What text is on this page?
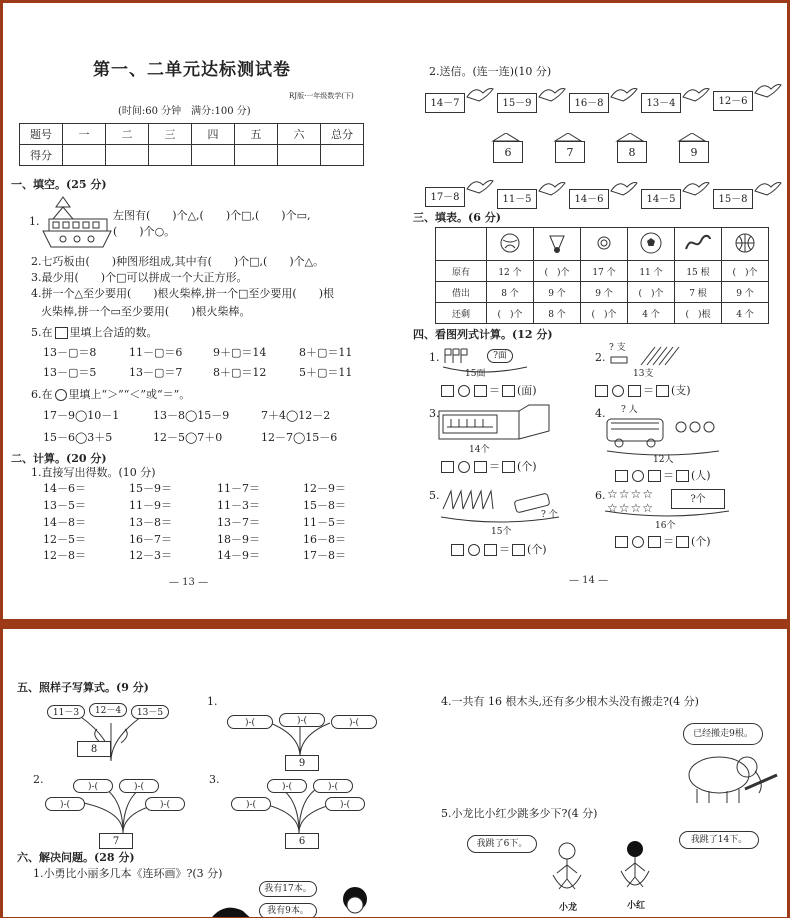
第一、二单元达标测试卷
RJ版·一年级数学(下)
(时间:60 分钟　满分:100 分)
题号	一	二	三	四	五	六	总分
得分							
一、填空。(25 分)
1.	左图有(　　)个△,(　　)个□,(　　)个▭,
(　　)个○。
2.七巧板由(　　)种图形组成,其中有(　　)个□,(　　)个△。
3.最少用(　　)个□可以拼成一个大正方形。
4.拼一个△至少要用(　　)根火柴棒,拼一个□至少要用(　　)根
火柴棒,拼一个▭至少要用(　　)根火柴棒。
5.在 里填上合适的数。
13－▢＝8	11－▢＝6	9＋▢＝14	8＋▢＝11
13－▢＝5	13－▢＝7	8＋▢＝12	5＋▢＝11
6.在 里填上“＞”“＜”或“＝”。
17－9◯10－1	13－8◯15－9	7＋4◯12－2
15－6◯3＋5	12－5◯7＋0	12－7◯15－6
二、计算。(20 分)
1.直接写出得数。(10 分)
14－6＝	15－9＝	11－7＝	12－9＝
13－5＝	11－9＝	11－3＝	15－8＝
14－8＝	13－8＝	13－7＝	11－5＝
12－5＝	16－7＝	18－9＝	16－8＝
12－8＝	12－3＝	14－9＝	17－8＝
— 13 —
2.送信。(连一连)(10 分)
14－7	15－9	16－8	13－4	12－6
6	7	8	9
17－8	11－5	14－6	14－5	15－8
三、填表。(6 分)

原有	12 个	(　)个	17 个	11 个	15 根	(　)个
借出	8 个	9 个	9 个	(　)个	7 根	9 个
还剩	(　)个	8 个	(　)个	4 个	(　)根	4 个
四、看图列式计算。(12 分)
1.	?面
15面
＝ (面)
2.
? 支
13支
＝ (支)
3.
14个
＝ (个)
4. ? 人
12人
＝ (人)
5.
? 个
15个
＝ (个)
6. ☆☆☆☆
☆☆☆☆
?个
16个
＝ (个)
— 14 —
五、照样子写算式。(9 分)
11－3	12－4	13－5
8
1.
)-(	)-(	)-(
9
2.
)-(	)-(
)-(	)-(
7
3.
)-(	)-(
)-(	)-(
6
六、解决问题。(28 分)
1.小勇比小丽多几本《连环画》?(3 分)
我有17本。
我有9本。
4.一共有 16 根木头,还有多少根木头没有搬走?(4 分)
已经搬走9根。
5.小龙比小红少跳多少下?(4 分)
我跳了6下。	我跳了14下。
小龙	小红
